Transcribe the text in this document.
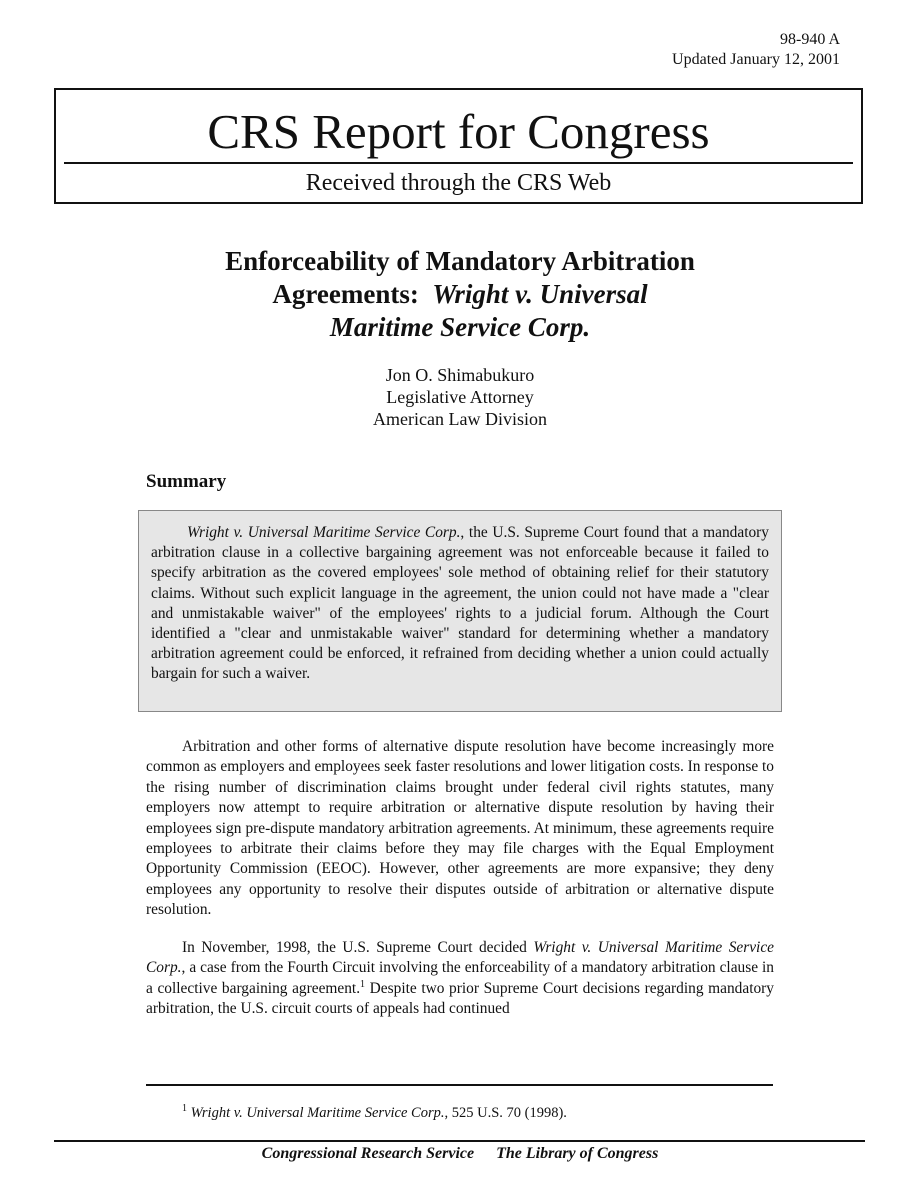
98-940 A
Updated January 12, 2001
CRS Report for Congress
Received through the CRS Web
Enforceability of Mandatory Arbitration
Agreements: Wright v. Universal
Maritime Service Corp.
Jon O. Shimabukuro
Legislative Attorney
American Law Division
Summary
Wright v. Universal Maritime Service Corp., the U.S. Supreme Court found that a mandatory arbitration clause in a collective bargaining agreement was not enforceable because it failed to specify arbitration as the covered employees' sole method of obtaining relief for their statutory claims. Without such explicit language in the agreement, the union could not have made a "clear and unmistakable waiver" of the employees' rights to a judicial forum. Although the Court identified a "clear and unmistakable waiver" standard for determining whether a mandatory arbitration agreement could be enforced, it refrained from deciding whether a union could actually bargain for such a waiver.
Arbitration and other forms of alternative dispute resolution have become increasingly more common as employers and employees seek faster resolutions and lower litigation costs. In response to the rising number of discrimination claims brought under federal civil rights statutes, many employers now attempt to require arbitration or alternative dispute resolution by having their employees sign pre-dispute mandatory arbitration agreements. At minimum, these agreements require employees to arbitrate their claims before they may file charges with the Equal Employment Opportunity Commission (EEOC). However, other agreements are more expansive; they deny employees any opportunity to resolve their disputes outside of arbitration or alternative dispute resolution.
In November, 1998, the U.S. Supreme Court decided Wright v. Universal Maritime Service Corp., a case from the Fourth Circuit involving the enforceability of a mandatory arbitration clause in a collective bargaining agreement.$^1$ Despite two prior Supreme Court decisions regarding mandatory arbitration, the U.S. circuit courts of appeals had continued
$^1$ Wright v. Universal Maritime Service Corp., 525 U.S. 70 (1998).
Congressional Research Service The Library of Congress
